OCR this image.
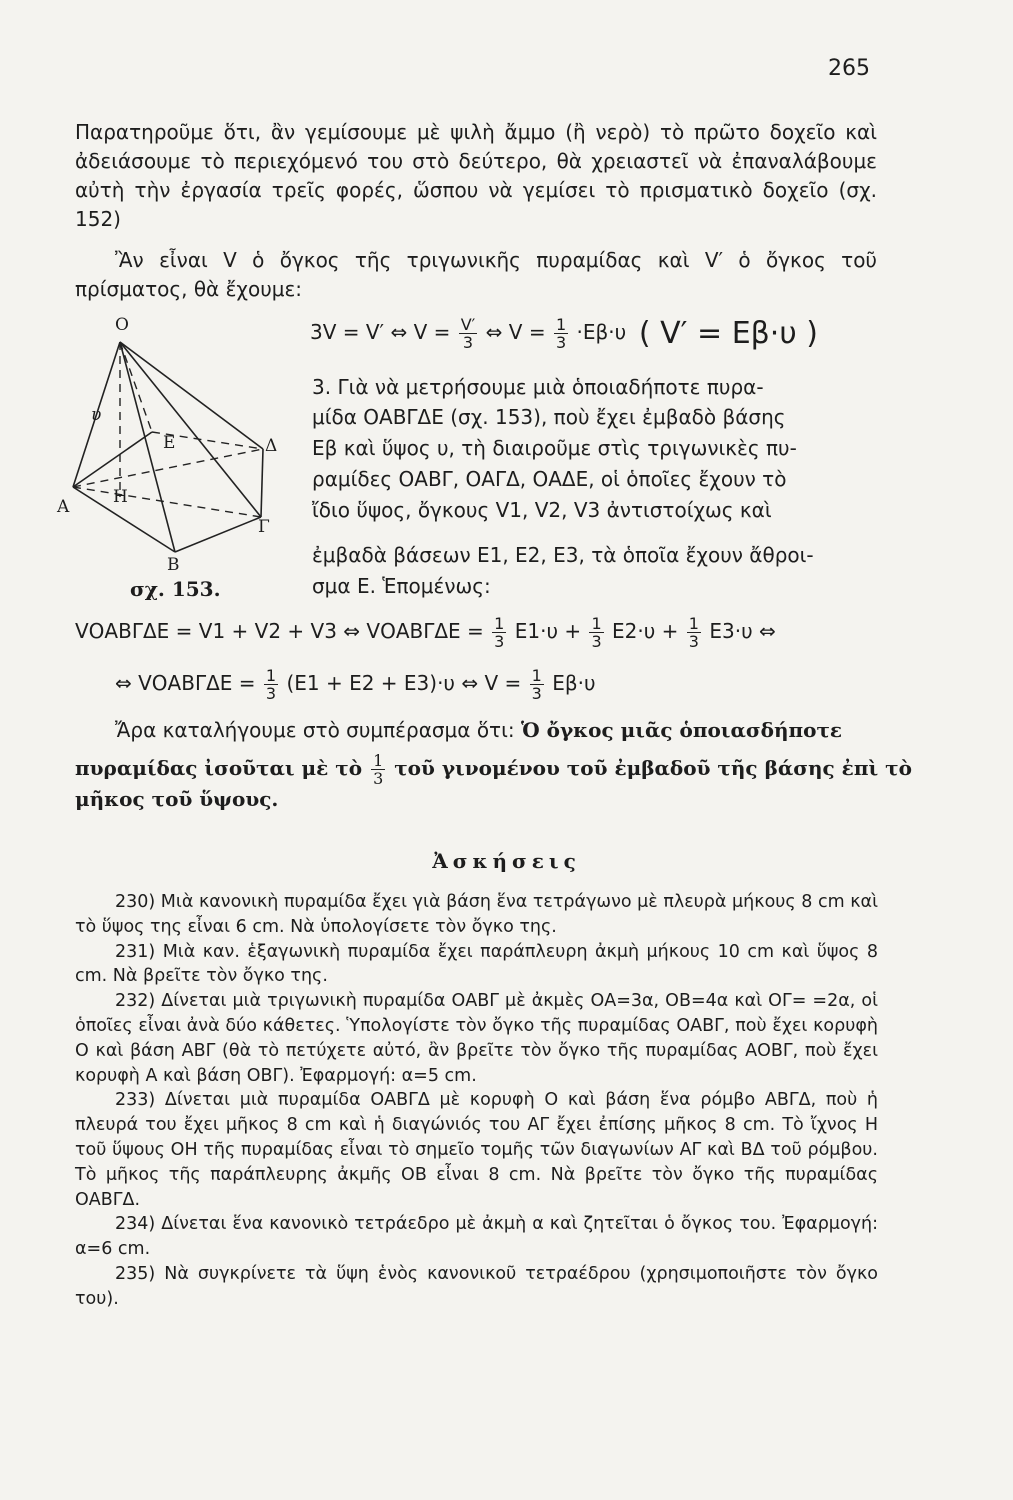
265
Παρατηροῦμε ὅτι, ἂν γεμίσουμε μὲ ψιλὴ ἄμμο (ἢ νερὸ) τὸ πρῶτο δοχεῖο καὶ ἀδειάσουμε τὸ περιεχόμενό του στὸ δεύτερο, θὰ χρειαστεῖ νὰ ἐπαναλάβουμε αὐτὴ τὴν ἐργασία τρεῖς φορές, ὥσπου νὰ γεμίσει τὸ πρισματικὸ δοχεῖο (σχ. 152)
Ἂν εἶναι V ὁ ὄγκος τῆς τριγωνικῆς πυραμίδας καὶ V′ ὁ ὄγκος τοῦ πρίσματος, θὰ ἔχουμε:
3V = V′ ⇔ $V = \frac{V'}{3}$ ⇔ $V = \frac{1}{3} \cdot E\beta\cdot\upsilon$ ( V′ = Eβ·υ )
Ο
υ
Ε	Δ
Α	Η
Γ
Β
σχ. 153.
3. Γιὰ νὰ μετρήσουμε μιὰ ὁποιαδήποτε πυρα-
μίδα ΟΑΒΓΔΕ (σχ. 153), ποὺ ἔχει ἐμβαδὸ βάσης
Eβ καὶ ὕψος υ, τὴ διαιροῦμε στὶς τριγωνικὲς πυ-
ραμίδες ΟΑΒΓ, ΟΑΓΔ, ΟΑΔΕ, οἱ ὁποῖες ἔχουν τὸ
ἴδιο ὕψος, ὄγκους V1, V2, V3 ἀντιστοίχως καὶ
ἐμβαδὰ βάσεων E1, E2, E3, τὰ ὁποῖα ἔχουν ἄθροι-
σμα Ε. Ἑπομένως:
VΟΑΒΓΔΕ = V1 + V2 + V3 ⇔ $VOAB\Gamma\Delta E = \frac{1}{3} E1\cdot\upsilon + \frac{1}{3} E2\cdot\upsilon + \frac{1}{3} E3\cdot\upsilon$ ⇔
⇔ $VOAB\Gamma\Delta E = \frac{1}{3} (E1 + E2 + E3)\cdot\upsilon$ ⇔ $V = \frac{1}{3} E\beta\cdot\upsilon$
Ἄρα καταλήγουμε στὸ συμπέρασμα ὅτι: Ὁ ὄγκος μιᾶς ὁποιασδήποτε
πυραμίδας ἰσοῦται μὲ τὸ $\frac{1}{3}$ τοῦ γινομένου τοῦ ἐμβαδοῦ τῆς βάσης ἐπὶ τὸ
μῆκος τοῦ ὕψους.
Ἀσκήσεις

230) Μιὰ κανονικὴ πυραμίδα ἔχει γιὰ βάση ἕνα τετράγωνο μὲ πλευρὰ μήκους 8 cm καὶ τὸ ὕψος της εἶναι 6 cm. Νὰ ὑπολογίσετε τὸν ὄγκο της.

231) Μιὰ καν. ἑξαγωνικὴ πυραμίδα ἔχει παράπλευρη ἀκμὴ μήκους 10 cm καὶ ὕψος 8 cm. Νὰ βρεῖτε τὸν ὄγκο της.

232) Δίνεται μιὰ τριγωνικὴ πυραμίδα ΟΑΒΓ μὲ ἀκμὲς ΟΑ=3α, ΟΒ=4α καὶ ΟΓ= =2α, οἱ ὁποῖες εἶναι ἀνὰ δύο κάθετες. Ὑπολογίστε τὸν ὄγκο τῆς πυραμίδας ΟΑΒΓ, ποὺ ἔχει κορυφὴ Ο καὶ βάση ΑΒΓ (θὰ τὸ πετύχετε αὐτό, ἂν βρεῖτε τὸν ὄγκο τῆς πυραμίδας ΑΟΒΓ, ποὺ ἔχει κορυφὴ Α καὶ βάση ΟΒΓ). Ἐφαρμογή: α=5 cm.

233) Δίνεται μιὰ πυραμίδα ΟΑΒΓΔ μὲ κορυφὴ Ο καὶ βάση ἕνα ρόμβο ΑΒΓΔ, ποὺ ἡ πλευρά του ἔχει μῆκος 8 cm καὶ ἡ διαγώνιός του ΑΓ ἔχει ἐπίσης μῆκος 8 cm. Τὸ ἴχνος Η τοῦ ὕψους ΟΗ τῆς πυραμίδας εἶναι τὸ σημεῖο τομῆς τῶν διαγωνίων ΑΓ καὶ ΒΔ τοῦ ρόμβου. Τὸ μῆκος τῆς παράπλευρης ἀκμῆς ΟΒ εἶναι 8 cm. Νὰ βρεῖτε τὸν ὄγκο τῆς πυραμίδας ΟΑΒΓΔ.

234) Δίνεται ἕνα κανονικὸ τετράεδρο μὲ ἀκμὴ α καὶ ζητεῖται ὁ ὄγκος του. Ἐφαρμογή: α=6 cm.

235) Νὰ συγκρίνετε τὰ ὕψη ἑνὸς κανονικοῦ τετραέδρου (χρησιμοποιῆστε τὸν ὄγκο του).
